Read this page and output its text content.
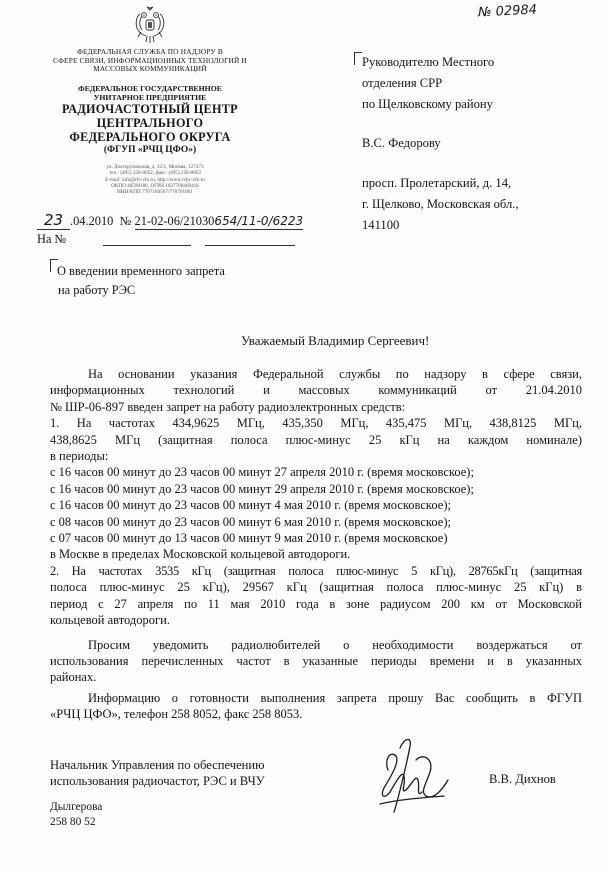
№ 02984
ФЕДЕРАЛЬНАЯ СЛУЖБА ПО НАДЗОРУ В
СФЕРЕ СВЯЗИ, ИНФОРМАЦИОННЫХ ТЕХНОЛОГИЙ И
МАССОВЫХ КОММУНИКАЦИЙ
ФЕДЕРАЛЬНОЕ ГОСУДАРСТВЕННОЕ
УНИТАРНОЕ ПРЕДПРИЯТИЕ
РАДИОЧАСТОТНЫЙ ЦЕНТР
ЦЕНТРАЛЬНОГО
ФЕДЕРАЛЬНОГО ОКРУГА
(ФГУП «РЧЦ ЦФО»)
ул. Долгоруковская, д. 32/1, Москва, 127473
тел.: (495) 258-8052, факс: (495) 258-8053
E-mail: info@rfc-cfo.ru, http://www.rchc-cfo.ru
ОКПО 40590186, ОГРН 1027700460416
ИНН/КПП 7707184567/770701001
23 .04.2010 № 21-02-06/21030654/11-0/6223
На №
О введении временного запрета
на работу РЭС
Руководителю Местного
отделения СРР
по Щелковскому району
В.С. Федорову
просп. Пролетарский, д. 14,
г. Щелково, Московская обл.,
141100
Уважаемый Владимир Сергеевич!

На основании указания Федеральной службы по надзору в сфере связи,

информационных технологий и массовых коммуникаций от 21.04.2010

№ ШР-06-897 введен запрет на работу радиоэлектронных средств:

1. На частотах 434,9625 МГц, 435,350 МГц, 435,475 МГц, 438,8125 МГц,

438,8625 МГц (защитная полоса плюс-минус 25 кГц на каждом номинале)

в периоды:

с 16 часов 00 минут до 23 часов 00 минут 27 апреля 2010 г. (время московское);

с 16 часов 00 минут до 23 часов 00 минут 29 апреля 2010 г. (время московское);

с 16 часов 00 минут до 23 часов 00 минут 4 мая 2010 г. (время московское);

с 08 часов 00 минут до 23 часов 00 минут 6 мая 2010 г. (время московское);

с 07 часов 00 минут до 13 часов 00 минут 9 мая 2010 г. (время московское)

в Москве в пределах Московской кольцевой автодороги.

2. На частотах 3535 кГц (защитная полоса плюс-минус 5 кГц), 28765кГц (защитная

полоса плюс-минус 25 кГц), 29567 кГц (защитная полоса плюс-минус 25 кГц) в

период с 27 апреля по 11 мая 2010 года в зоне радиусом 200 км от Московской

кольцевой автодороги.

Просим уведомить радиолюбителей о необходимости воздержаться от

использования перечисленных частот в указанные периоды времени и в указанных

районах.

Информацию о готовности выполнения запрета прошу Вас сообщить в ФГУП

«РЧЦ ЦФО», телефон 258 8052, факс 258 8053.

Начальник Управления по обеспечению
использования радиочастот, РЭС и ВЧУ	В.В. Дихнов
Дылгерова
258 80 52
